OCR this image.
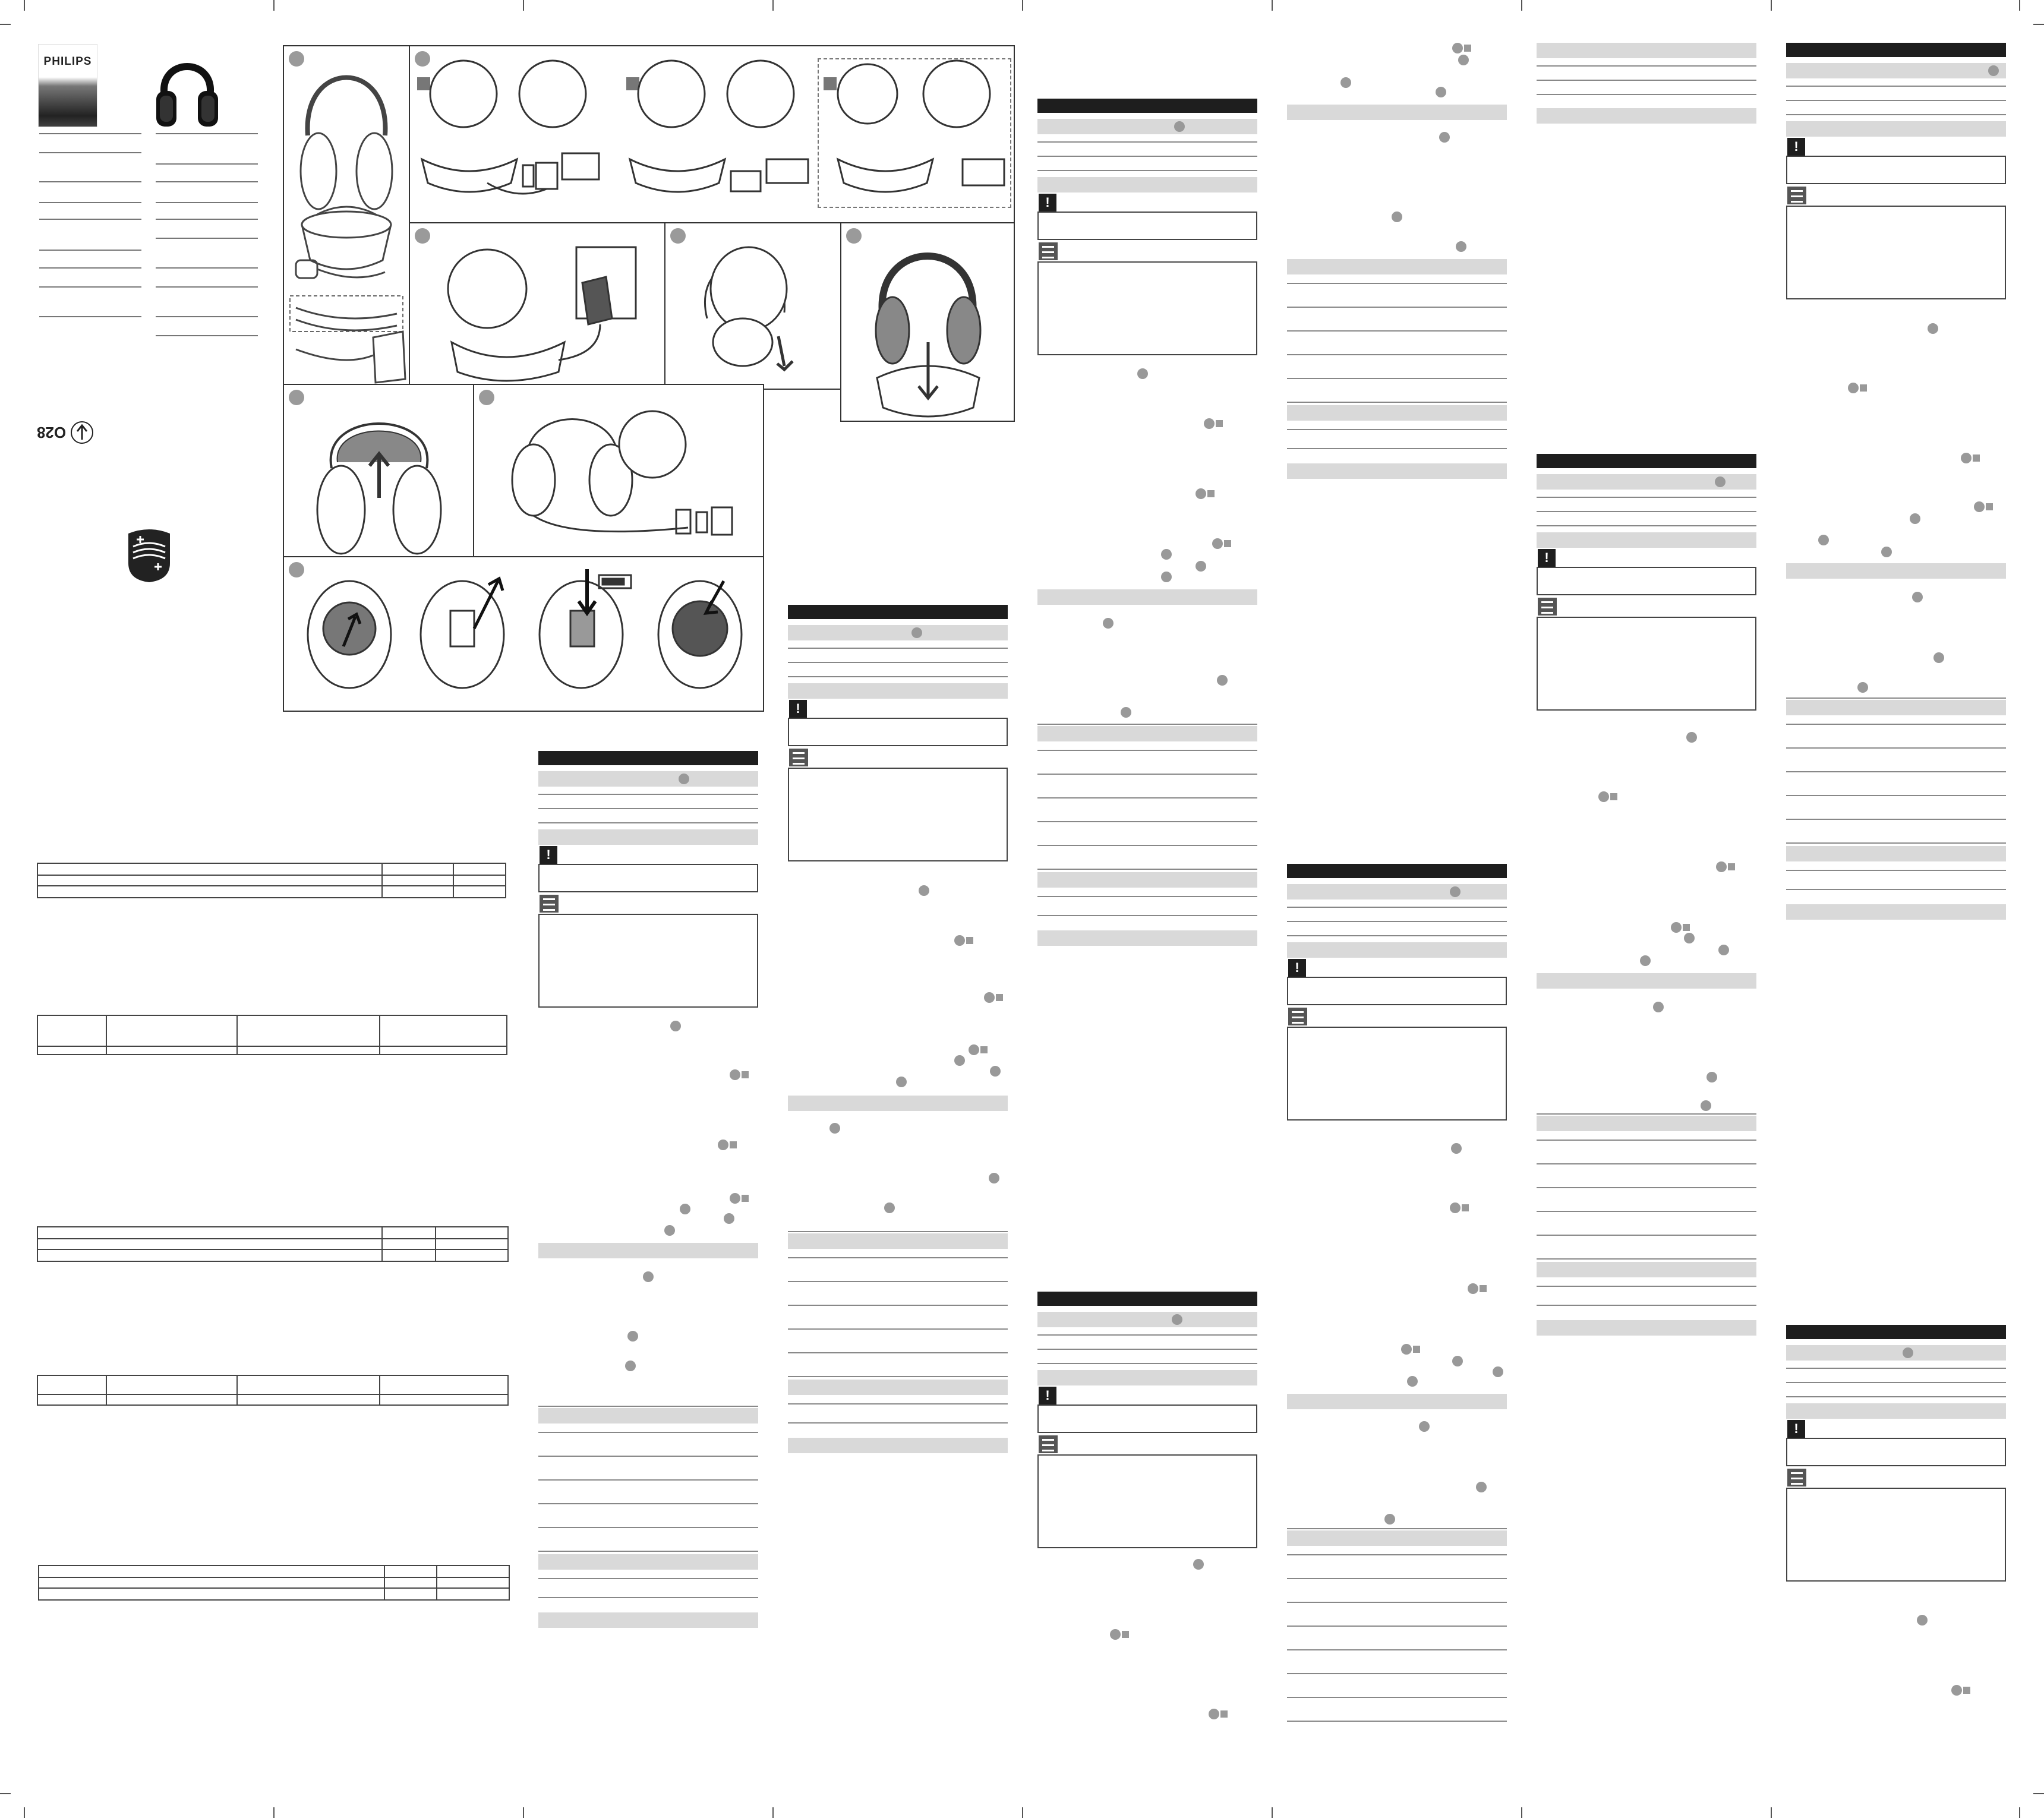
PHILIPS
O28
!
!
!
!
!
!
!
!
